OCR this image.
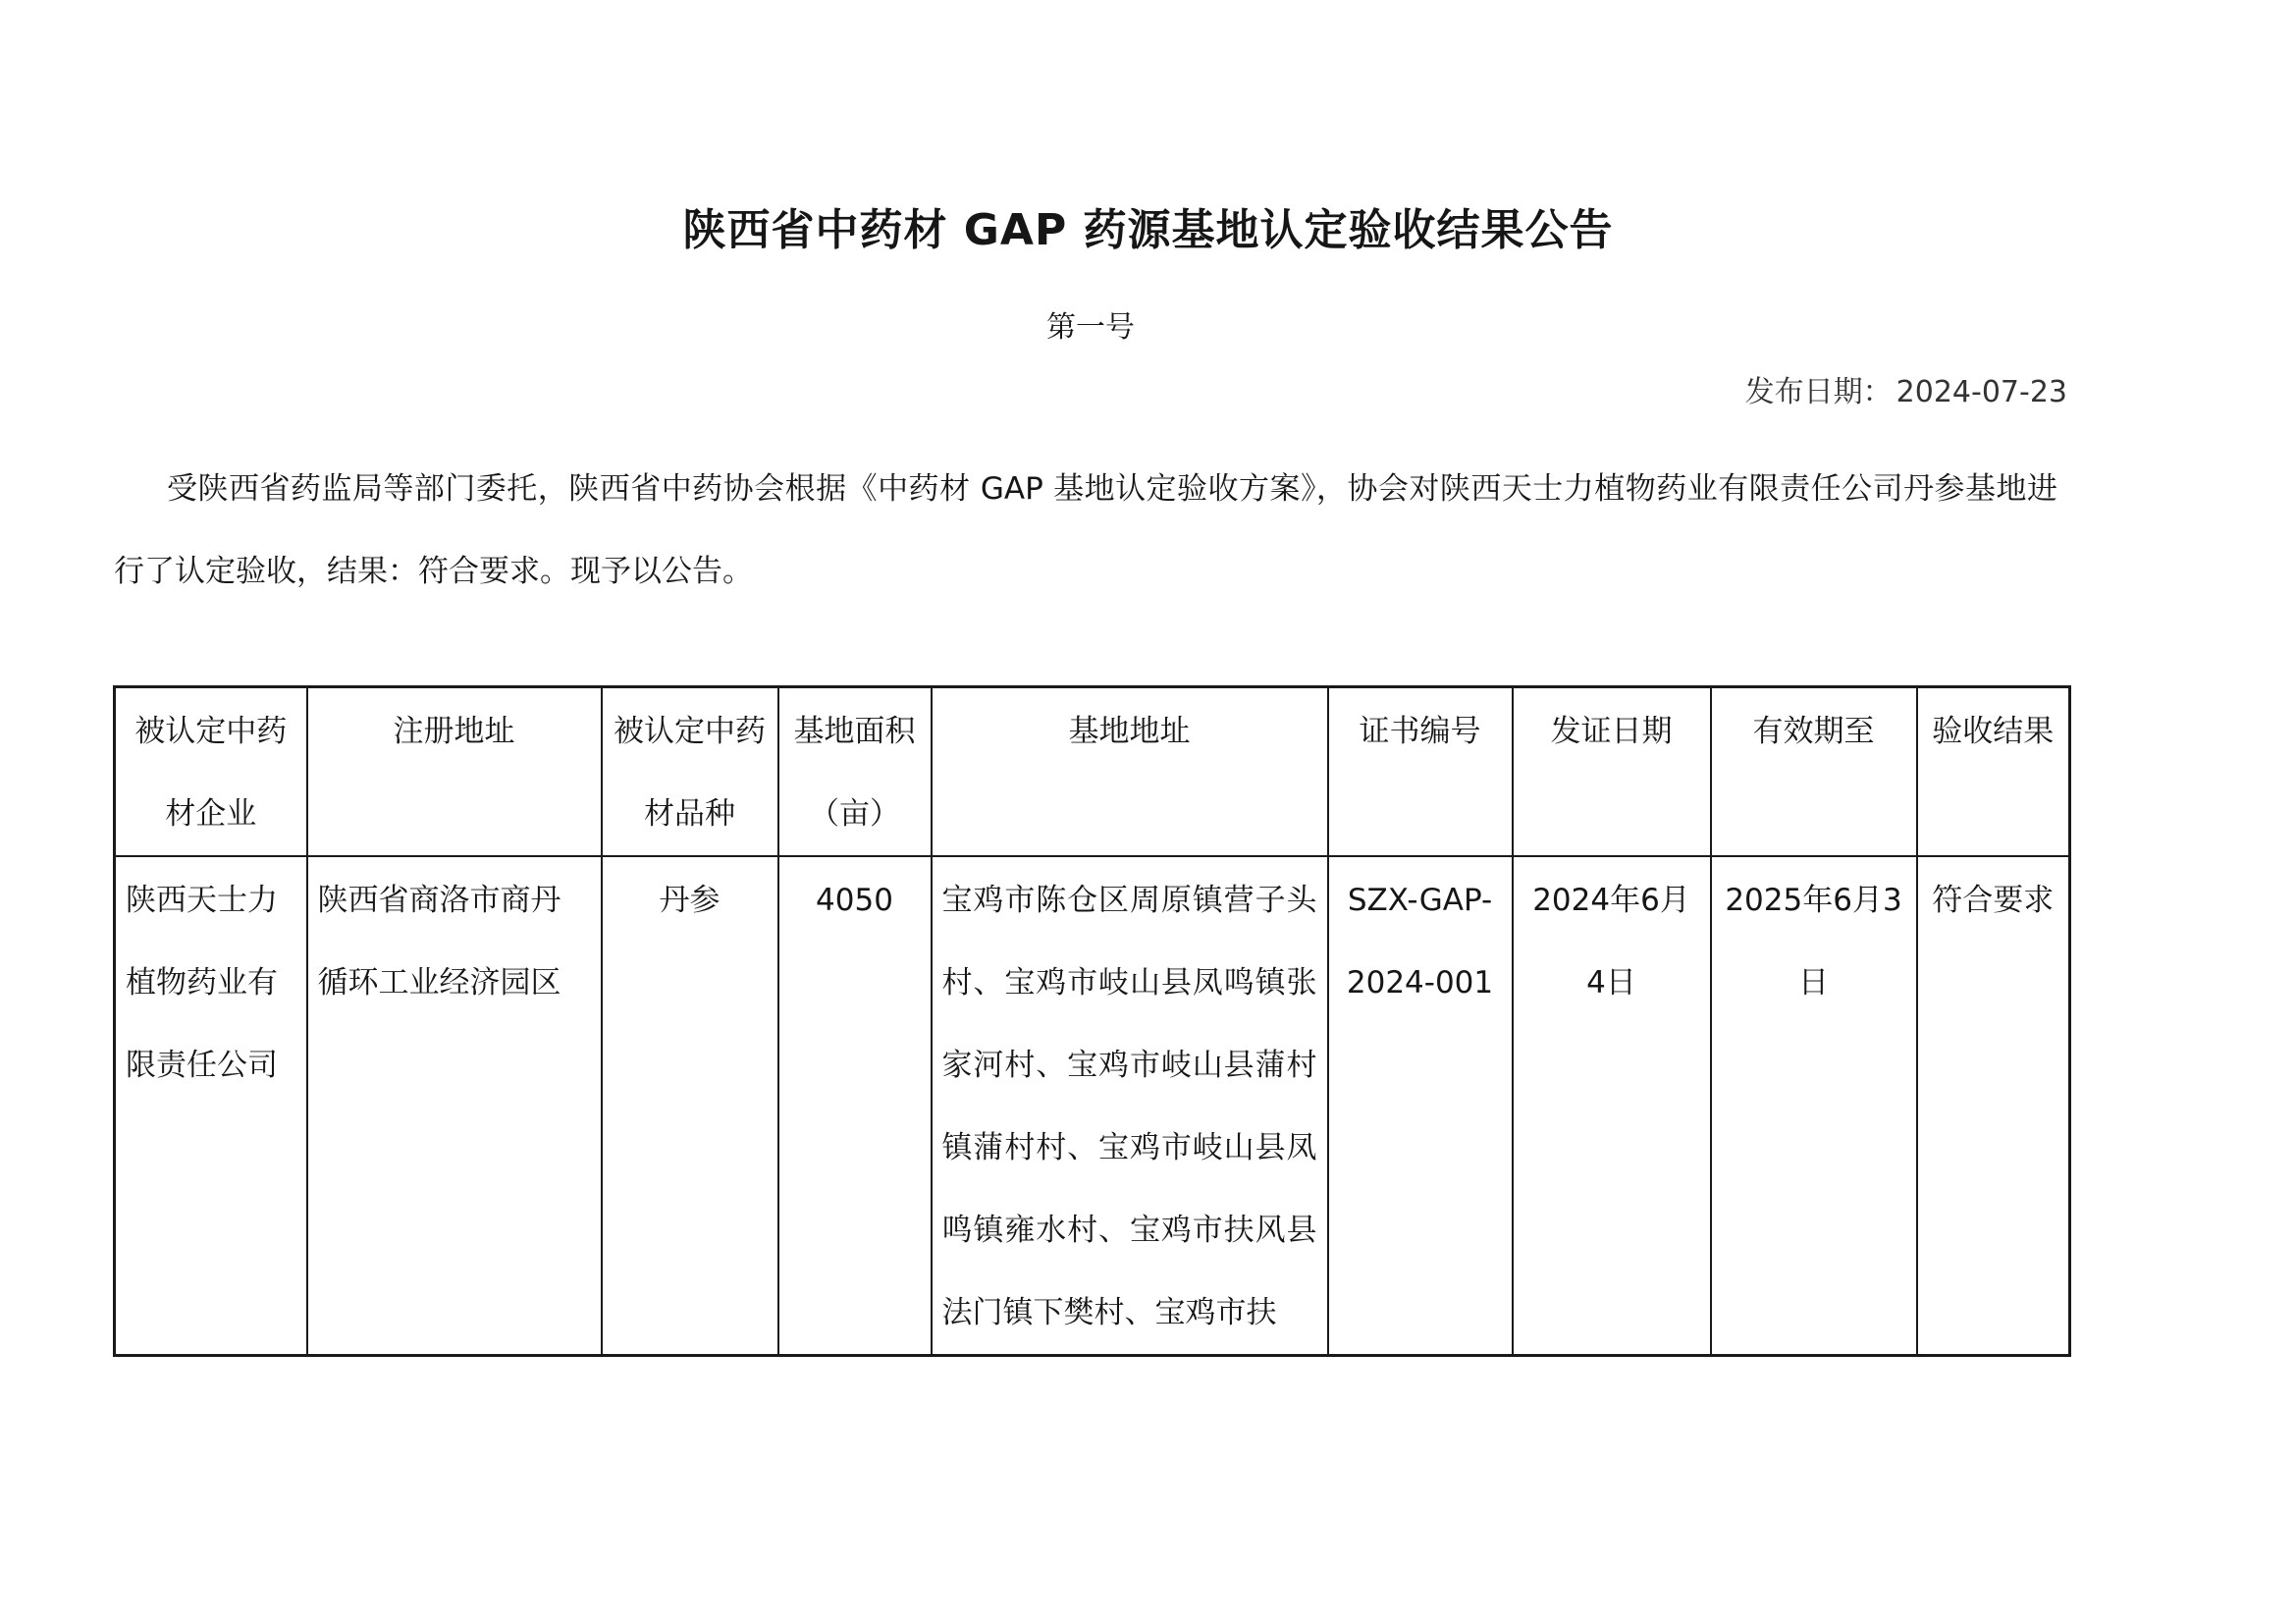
陕西省中药材 GAP 药源基地认定验收结果公告
第一号
发布日期： 2024-07-23
受陕西省药监局等部门委托，陕西省中药协会根据《中药材 GAP 基地认定验收方案》，协会对陕西天士力植物药业有限责任公司丹参基地进行了认定验收，结果：符合要求。现予以公告。
被认定中药材企业	注册地址	被认定中药材品种	基地面积（亩）	基地地址	证书编号	发证日期	有效期至	验收结果
陕西天士力植物药业有限责任公司	陕西省商洛市商丹循环工业经济园区	丹参	4050	宝鸡市陈仓区周原镇营子头村、宝鸡市岐山县凤鸣镇张家河村、宝鸡市岐山县蒲村镇蒲村村、宝鸡市岐山县凤鸣镇雍水村、宝鸡市扶风县法门镇下樊村、宝鸡市扶	SZX-GAP-2024-001	2024年6月4日	2025年6月3日	符合要求
